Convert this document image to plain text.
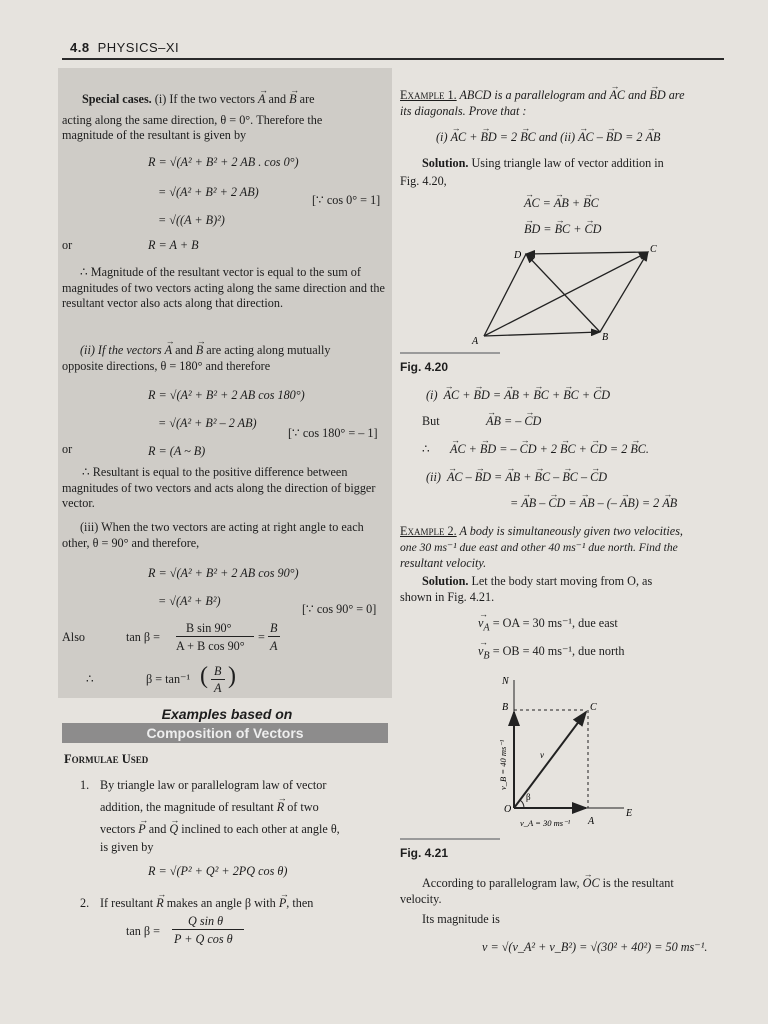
4.8 PHYSICS–XI
Special cases. (i) If the two vectors → A and → B are
acting along the same direction, θ = 0°. Therefore the
magnitude of the resultant is given by
R = √(A² + B² + 2 AB . cos 0°)
= √(A² + B² + 2 AB)
[∵ cos 0° = 1]
= √((A + B)²)
or	R = A + B
∴ Magnitude of the resultant vector is equal to the sum of magnitudes of two vectors acting along the same direction and the resultant vector also acts along that direction.
(ii) If the vectors → A and → B are acting along mutually
opposite directions, θ = 180° and therefore
R = √(A² + B² + 2 AB cos 180°)
= √(A² + B² – 2 AB)
[∵ cos 180° = – 1]
or	R = (A ~ B)
∴ Resultant is equal to the positive difference between magnitudes of two vectors and acts along the direction of bigger vector.
(iii) When the two vectors are acting at right angle to each other, θ = 90° and therefore,
R = √(A² + B² + 2 AB cos 90°)
= √(A² + B²)
[∵ cos 90° = 0]
Also	tan β =
B sin 90°
A + B cos 90°
=
B
A
∴	β = tan⁻¹ ( B
A )
Examples based on
Composition of Vectors
Formulae Used
1. By triangle law or parallelogram law of vector
addition, the magnitude of resultant → R of two
vectors → P and → Q inclined to each other at angle θ,
is given by
R = √(P² + Q² + 2PQ cos θ)
2. If resultant → R makes an angle β with → P, then
tan β =
Q sin θ
P + Q cos θ
Example 1. ABCD is a parallelogram and → AC and → BD are
its diagonals. Prove that :
(i) → AC + → BD = 2 → BC and (ii) → AC – → BD = 2 → AB
Solution. Using triangle law of vector addition in
Fig. 4.20,
→ AC = → AB + → BC
→ BD = → BC + → CD
A	B
C
D
Fig. 4.20
(i) → AC + → BD = → AB + → BC + → BC + → CD
But	→ AB = – → CD
∴ → AC + → BD = – → CD + 2 → BC + → CD = 2 → BC.
(ii) → AC – → BD = → AB + → BC – → BC – → CD
= → AB – → CD = → AB – (– → AB) = 2 → AB
Example 2. A body is simultaneously given two velocities,
one 30 ms⁻¹ due east and other 40 ms⁻¹ due north. Find the
resultant velocity.
Solution. Let the body start moving from O, as
shown in Fig. 4.21.
→ $v_A$ = OA = 30 ms⁻¹, due east
→ $v_B$ = OB = 40 ms⁻¹, due north
N
E
O
A
B	C
v_A = 30 ms⁻¹
v_B = 40 ms⁻¹	v
β
Fig. 4.21
According to parallelogram law, → OC is the resultant
velocity.
Its magnitude is
v = √(v_A² + v_B²) = √(30² + 40²) = 50 ms⁻¹.
